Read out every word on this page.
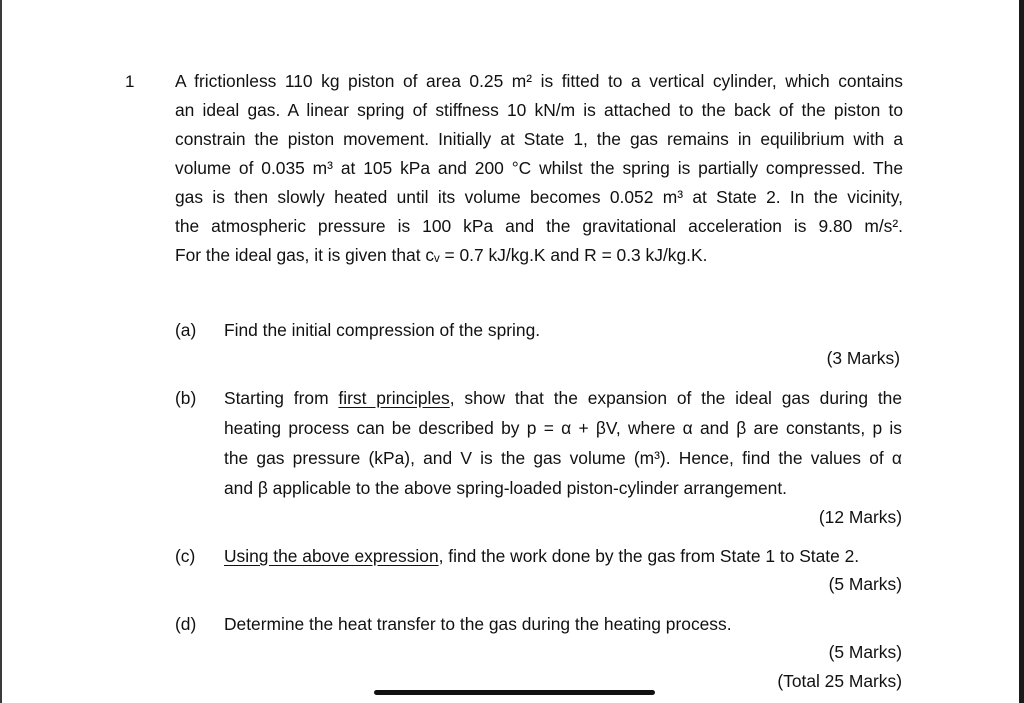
1 A frictionless 110 kg piston of area 0.25 m² is fitted to a vertical cylinder, which contains
an ideal gas. A linear spring of stiffness 10 kN/m is attached to the back of the piston to
constrain the piston movement. Initially at State 1, the gas remains in equilibrium with a
volume of 0.035 m³ at 105 kPa and 200 °C whilst the spring is partially compressed. The
gas is then slowly heated until its volume becomes 0.052 m³ at State 2. In the vicinity,
the atmospheric pressure is 100 kPa and the gravitational acceleration is 9.80 m/s².
For the ideal gas, it is given that cᵥ = 0.7 kJ/kg.K and R = 0.3 kJ/kg.K.
(a) Find the initial compression of the spring.
(3 Marks)
(b) Starting from first principles, show that the expansion of the ideal gas during the
heating process can be described by p = α + βV, where α and β are constants, p is
the gas pressure (kPa), and V is the gas volume (m³). Hence, find the values of α
and β applicable to the above spring-loaded piston-cylinder arrangement.
(12 Marks)
(c) Using the above expression, find the work done by the gas from State 1 to State 2.
(5 Marks)
(d) Determine the heat transfer to the gas during the heating process.
(5 Marks)
(Total 25 Marks)
